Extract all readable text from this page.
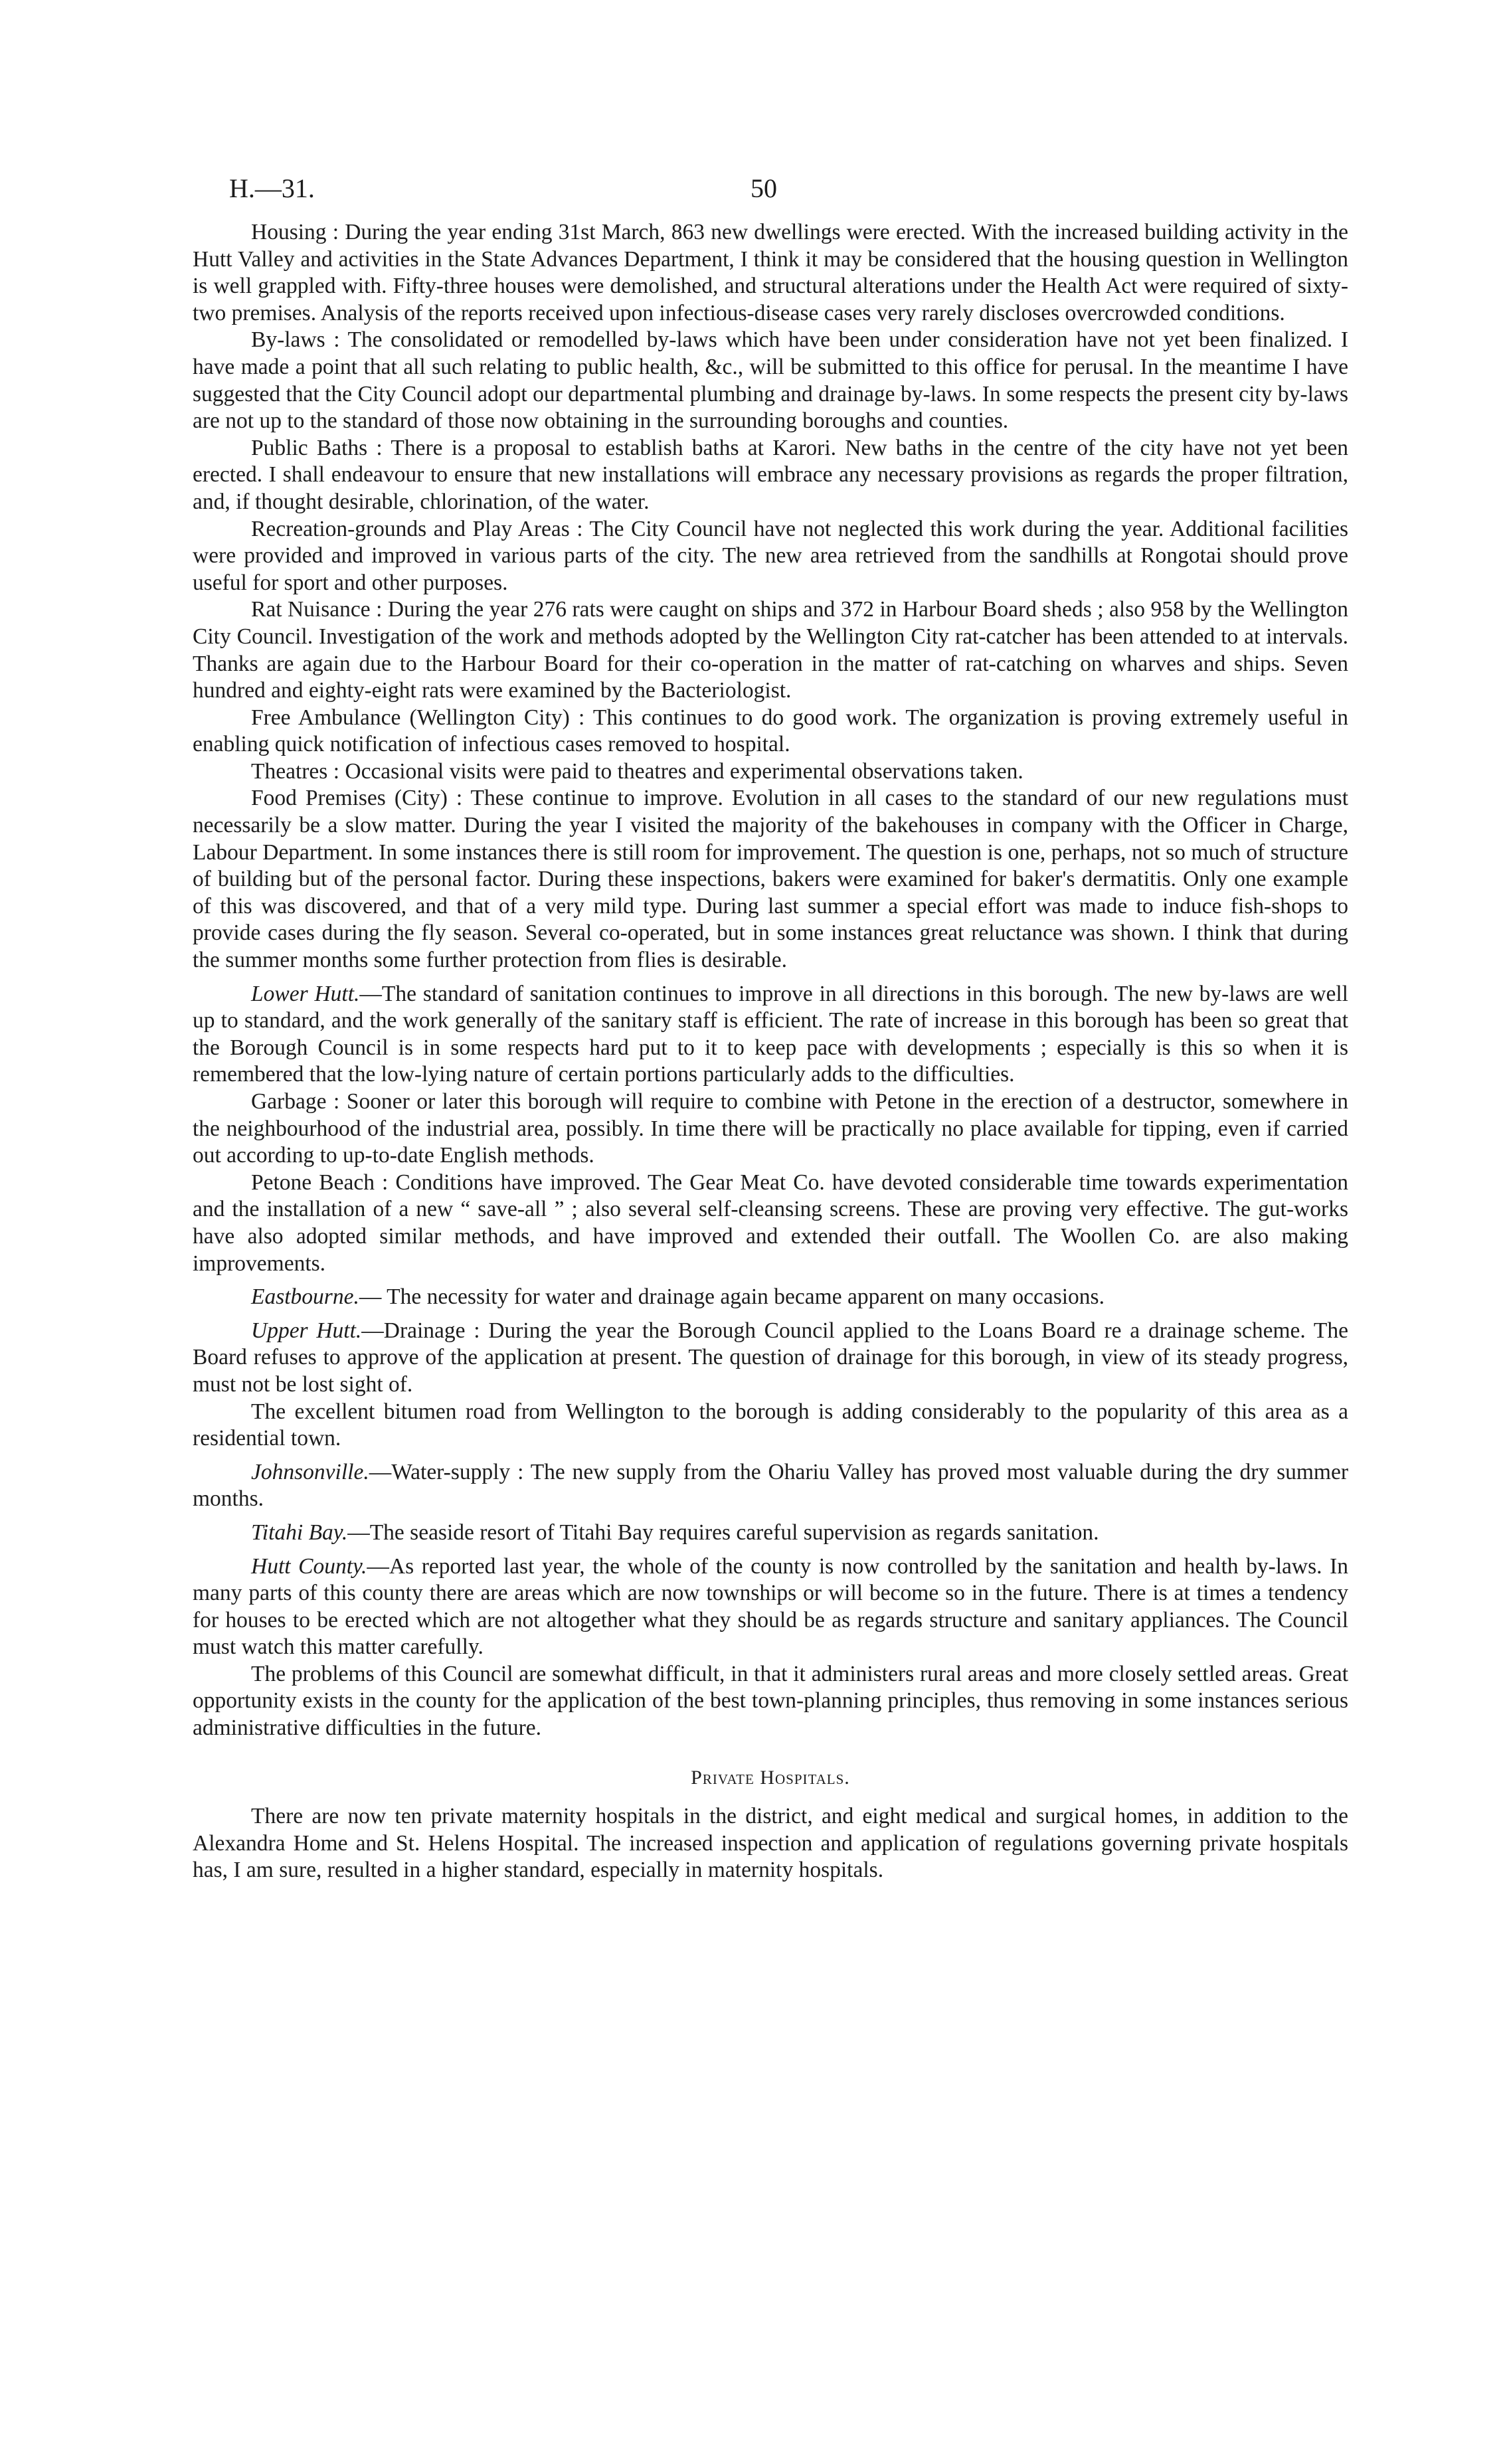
H.—31.	50

Housing : During the year ending 31st March, 863 new dwellings were erected. With the increased building activity in the Hutt Valley and activities in the State Advances Department, I think it may be considered that the housing question in Wellington is well grappled with. Fifty-three houses were demolished, and structural alterations under the Health Act were required of sixty-two premises. Analysis of the reports received upon infectious-disease cases very rarely discloses overcrowded conditions.

By-laws : The consolidated or remodelled by-laws which have been under consideration have not yet been finalized. I have made a point that all such relating to public health, &c., will be submitted to this office for perusal. In the meantime I have suggested that the City Council adopt our departmental plumbing and drainage by-laws. In some respects the present city by-laws are not up to the standard of those now obtaining in the surrounding boroughs and counties.

Public Baths : There is a proposal to establish baths at Karori. New baths in the centre of the city have not yet been erected. I shall endeavour to ensure that new installations will embrace any necessary provisions as regards the proper filtration, and, if thought desirable, chlorination, of the water.

Recreation-grounds and Play Areas : The City Council have not neglected this work during the year. Additional facilities were provided and improved in various parts of the city. The new area retrieved from the sandhills at Rongotai should prove useful for sport and other purposes.

Rat Nuisance : During the year 276 rats were caught on ships and 372 in Harbour Board sheds ; also 958 by the Wellington City Council. Investigation of the work and methods adopted by the Wellington City rat-catcher has been attended to at intervals. Thanks are again due to the Harbour Board for their co-operation in the matter of rat-catching on wharves and ships. Seven hundred and eighty-eight rats were examined by the Bacteriologist.

Free Ambulance (Wellington City) : This continues to do good work. The organization is proving extremely useful in enabling quick notification of infectious cases removed to hospital.

Theatres : Occasional visits were paid to theatres and experimental observations taken.

Food Premises (City) : These continue to improve. Evolution in all cases to the standard of our new regulations must necessarily be a slow matter. During the year I visited the majority of the bakehouses in company with the Officer in Charge, Labour Department. In some instances there is still room for improvement. The question is one, perhaps, not so much of structure of building but of the personal factor. During these inspections, bakers were examined for baker's dermatitis. Only one example of this was discovered, and that of a very mild type. During last summer a special effort was made to induce fish-shops to provide cases during the fly season. Several co-operated, but in some instances great reluctance was shown. I think that during the summer months some further protection from flies is desirable.

Lower Hutt.—The standard of sanitation continues to improve in all directions in this borough. The new by-laws are well up to standard, and the work generally of the sanitary staff is efficient. The rate of increase in this borough has been so great that the Borough Council is in some respects hard put to it to keep pace with developments ; especially is this so when it is remembered that the low-lying nature of certain portions particularly adds to the difficulties.

Garbage : Sooner or later this borough will require to combine with Petone in the erection of a destructor, somewhere in the neighbourhood of the industrial area, possibly. In time there will be practically no place available for tipping, even if carried out according to up-to-date English methods.

Petone Beach : Conditions have improved. The Gear Meat Co. have devoted considerable time towards experimentation and the installation of a new “ save-all ” ; also several self-cleansing screens. These are proving very effective. The gut-works have also adopted similar methods, and have improved and extended their outfall. The Woollen Co. are also making improvements.

Eastbourne.— The necessity for water and drainage again became apparent on many occasions.

Upper Hutt.—Drainage : During the year the Borough Council applied to the Loans Board re a drainage scheme. The Board refuses to approve of the application at present. The question of drainage for this borough, in view of its steady progress, must not be lost sight of.

The excellent bitumen road from Wellington to the borough is adding considerably to the popularity of this area as a residential town.

Johnsonville.—Water-supply : The new supply from the Ohariu Valley has proved most valuable during the dry summer months.

Titahi Bay.—The seaside resort of Titahi Bay requires careful supervision as regards sanitation.

Hutt County.—As reported last year, the whole of the county is now controlled by the sanitation and health by-laws. In many parts of this county there are areas which are now townships or will become so in the future. There is at times a tendency for houses to be erected which are not altogether what they should be as regards structure and sanitary appliances. The Council must watch this matter carefully.

The problems of this Council are somewhat difficult, in that it administers rural areas and more closely settled areas. Great opportunity exists in the county for the application of the best town-planning principles, thus removing in some instances serious administrative difficulties in the future.

Private Hospitals.

There are now ten private maternity hospitals in the district, and eight medical and surgical homes, in addition to the Alexandra Home and St. Helens Hospital. The increased inspection and application of regulations governing private hospitals has, I am sure, resulted in a higher standard, especially in maternity hospitals.
